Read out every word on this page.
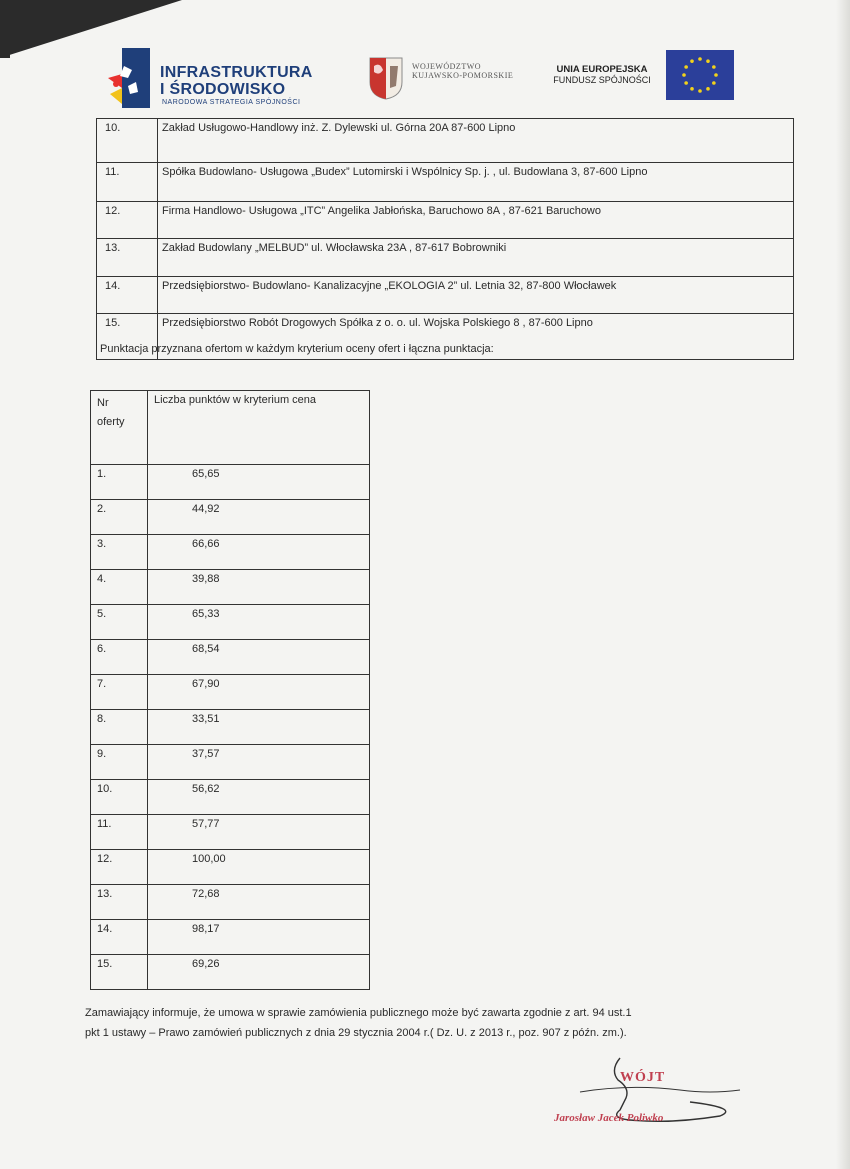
INFRASTRUKTURA
I ŚRODOWISKO
NARODOWA STRATEGIA SPÓJNOŚCI
WOJEWÓDZTWO
KUJAWSKO-POMORSKIE
UNIA EUROPEJSKA
FUNDUSZ SPÓJNOŚCI
10.	Zakład Usługowo-Handlowy inż. Z. Dylewski ul. Górna 20A 87-600 Lipno
11.	Spółka Budowlano- Usługowa „Budex” Lutomirski i Wspólnicy Sp. j. , ul. Budowlana 3, 87-600 Lipno
12.	Firma Handlowo- Usługowa „ITC” Angelika Jabłońska, Baruchowo 8A , 87-621 Baruchowo
13.	Zakład Budowlany „MELBUD” ul. Włocławska 23A , 87-617 Bobrowniki
14.	Przedsiębiorstwo- Budowlano- Kanalizacyjne „EKOLOGIA 2” ul. Letnia 32, 87-800 Włocławek
15.	Przedsiębiorstwo Robót Drogowych Spółka z o. o. ul. Wojska Polskiego 8 , 87-600 Lipno
Punktacja przyznana ofertom w każdym kryterium oceny ofert i łączna punktacja:
Nr
oferty	Liczba punktów w kryterium cena
1.	65,65
2.	44,92
3.	66,66
4.	39,88
5.	65,33
6.	68,54
7.	67,90
8.	33,51
9.	37,57
10.	56,62
11.	57,77
12.	100,00
13.	72,68
14.	98,17
15.	69,26
Zamawiający informuje, że umowa w sprawie zamówienia publicznego może być zawarta zgodnie z art. 94 ust.1
pkt 1 ustawy – Prawo zamówień publicznych z dnia 29 stycznia 2004 r.( Dz. U. z 2013 r., poz. 907 z późn. zm.).
WÓJT
Jarosław Jacek Poliwko
